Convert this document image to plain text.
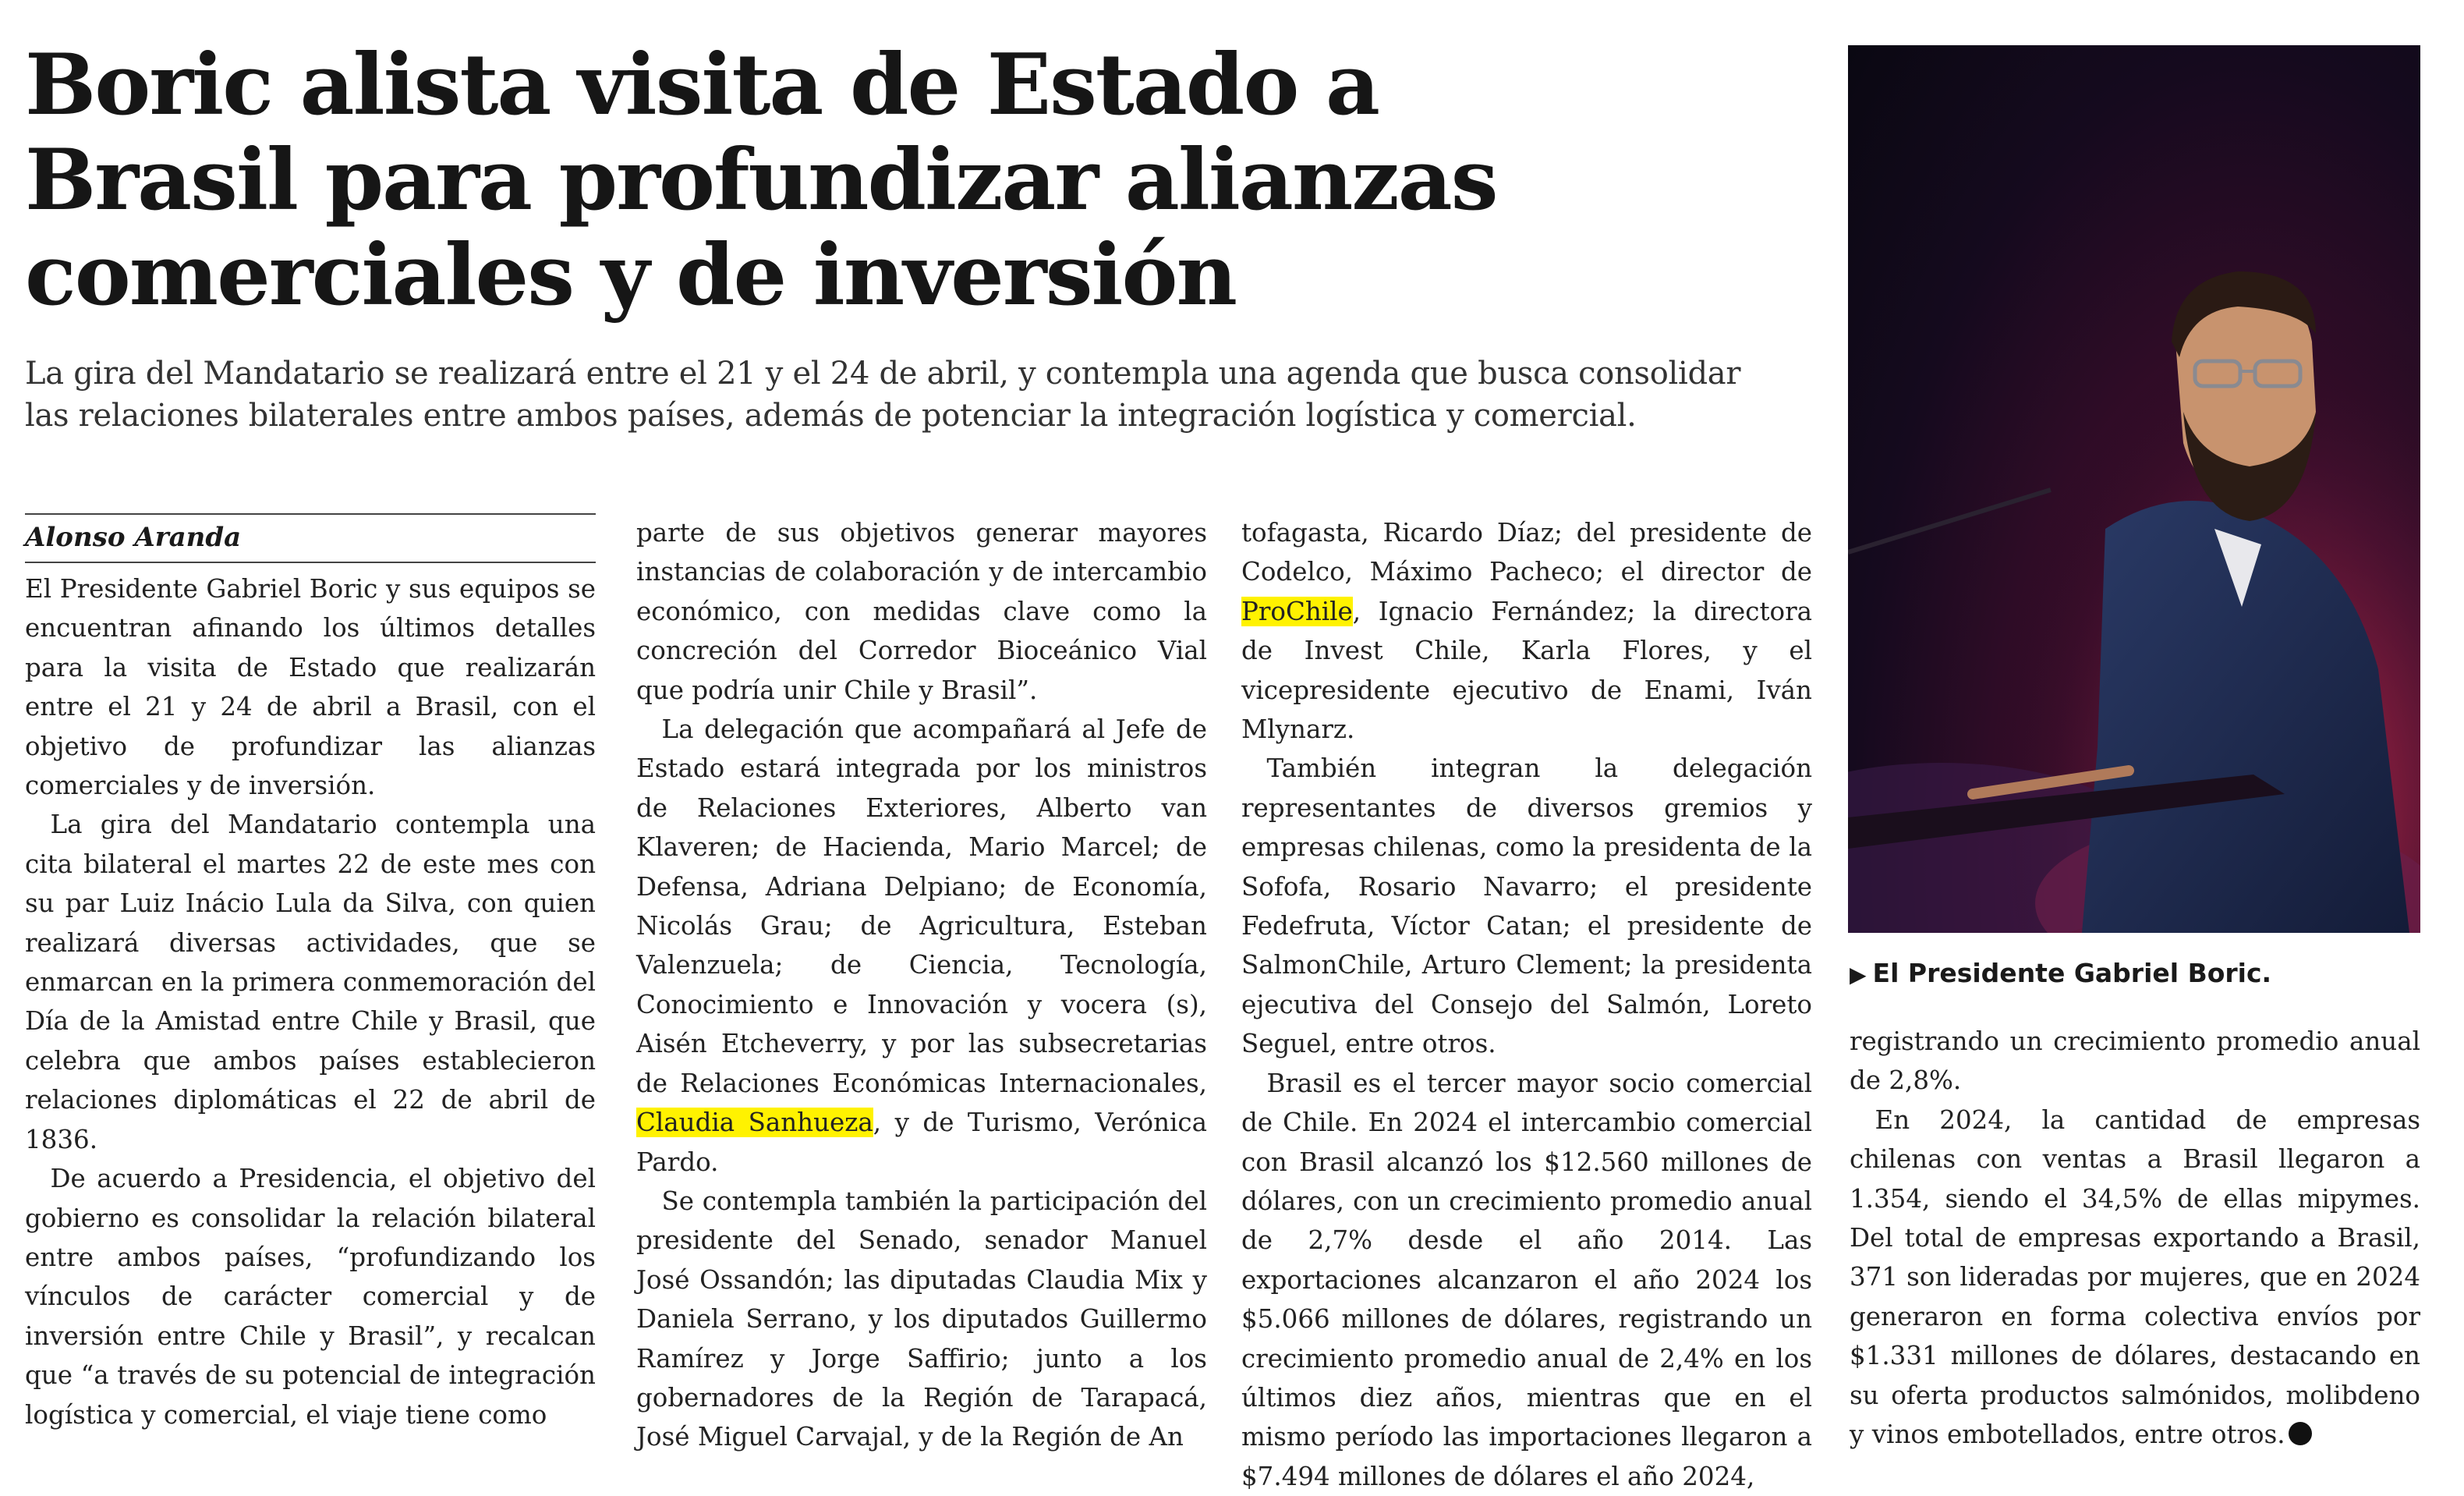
Boric alista visita de Estado a
Brasil para profundizar alianzas
comerciales y de inversión

La gira del Mandatario se realizará entre el 21 y el 24 de abril, y contempla una agenda que busca consolidar
las relaciones bilaterales entre ambos países, además de potenciar la integración logística y comercial.

Alonso Aranda

El Presidente Gabriel Boric y sus equipos se encuentran afinando los últimos detalles para la visita de Estado que realizarán entre el 21 y 24 de abril a Brasil, con el objetivo de profundizar las alianzas comerciales y de inversión.

La gira del Mandatario contempla una cita bilateral el martes 22 de este mes con su par Luiz Inácio Lula da Silva, con quien realizará diversas actividades, que se enmarcan en la primera conmemoración del Día de la Amistad entre Chile y Brasil, que celebra que ambos países establecieron relaciones diplomáticas el 22 de abril de 1836.

De acuerdo a Presidencia, el objetivo del gobierno es consolidar la relación bilateral entre ambos países, “profundizando los vínculos de carácter comercial y de inversión entre Chile y Brasil”, y recalcan que “a través de su potencial de integración logística y comercial, el viaje tiene como

parte de sus objetivos generar mayores instancias de colaboración y de intercambio económico, con medidas clave como la concreción del Corredor Bioceánico Vial que podría unir Chile y Brasil”.

La delegación que acompañará al Jefe de Estado estará integrada por los ministros de Relaciones Exteriores, Alberto van Klaveren; de Hacienda, Mario Marcel; de Defensa, Adriana Delpiano; de Economía, Nicolás Grau; de Agricultura, Esteban Valenzuela; de Ciencia, Tecnología, Conocimiento e Innovación y vocera (s), Aisén Etcheverry, y por las subsecretarias de Relaciones Económicas Internacionales, Claudia Sanhueza, y de Turismo, Verónica Pardo.

Se contempla también la participación del presidente del Senado, senador Manuel José Ossandón; las diputadas Claudia Mix y Daniela Serrano, y los diputados Guillermo Ramírez y Jorge Saffirio; junto a los gobernadores de la Región de Tarapacá, José Miguel Carvajal, y de la Región de An

tofagasta, Ricardo Díaz; del presidente de Codelco, Máximo Pacheco; el director de ProChile, Ignacio Fernández; la directora de Invest Chile, Karla Flores, y el vicepresidente ejecutivo de Enami, Iván Mlynarz.

También integran la delegación representantes de diversos gremios y empresas chilenas, como la presidenta de la Sofofa, Rosario Navarro; el presidente Fedefruta, Víctor Catan; el presidente de SalmonChile, Arturo Clement; la presidenta ejecutiva del Consejo del Salmón, Loreto Seguel, entre otros.

Brasil es el tercer mayor socio comercial de Chile. En 2024 el intercambio comercial con Brasil alcanzó los $12.560 millones de dólares, con un crecimiento promedio anual de 2,7% desde el año 2014. Las exportaciones alcanzaron el año 2024 los $5.066 millones de dólares, registrando un crecimiento promedio anual de 2,4% en los últimos diez años, mientras que en el mismo período las importaciones llegaron a $7.494 millones de dólares el año 2024,

▶ El Presidente Gabriel Boric.

registrando un crecimiento promedio anual de 2,8%.

En 2024, la cantidad de empresas chilenas con ventas a Brasil llegaron a 1.354, siendo el 34,5% de ellas mipymes. Del total de empresas exportando a Brasil, 371 son lideradas por mujeres, que en 2024 generaron en forma colectiva envíos por $1.331 millones de dólares, destacando en su oferta productos salmónidos, molibdeno y vinos embotellados, entre otros.
